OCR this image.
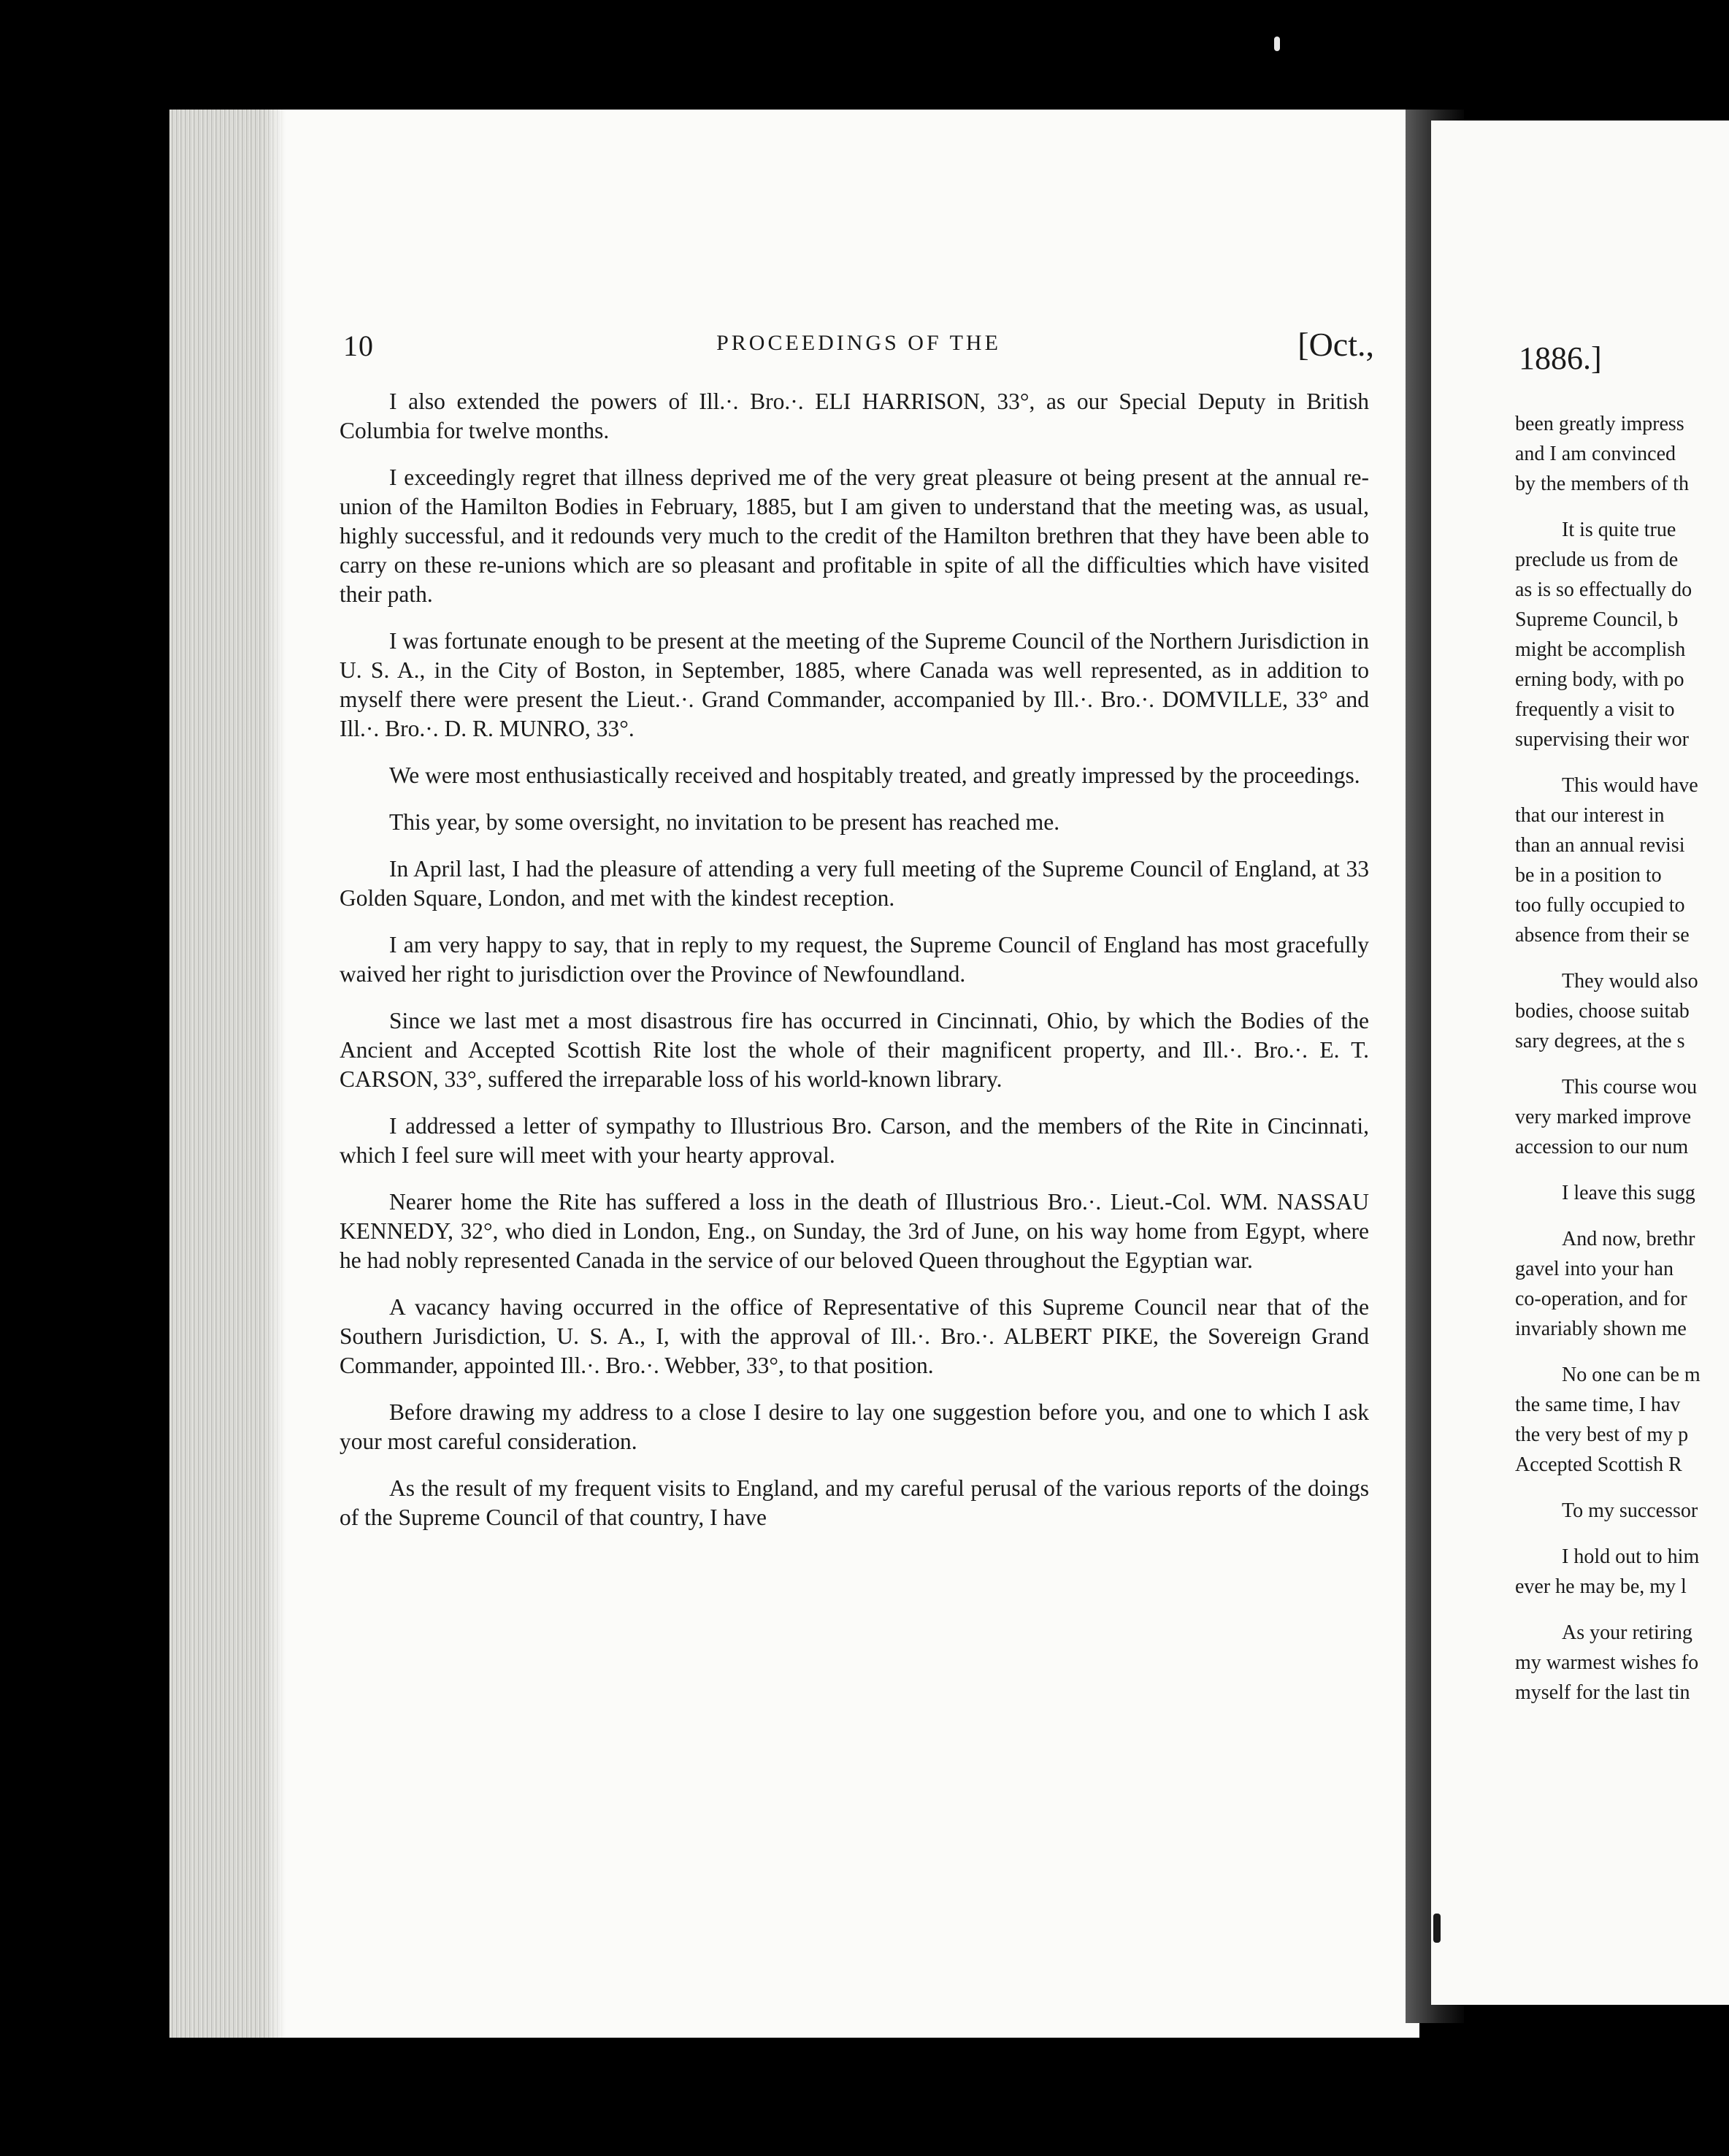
10	PROCEEDINGS OF THE	[Oct.,

I also extended the powers of Ill.·. Bro.·. ELI HARRISON, 33°, as our Special Deputy in British Columbia for twelve months.

I exceedingly regret that illness deprived me of the very great pleasure ot being present at the annual re-union of the Hamilton Bodies in February, 1885, but I am given to understand that the meeting was, as usual, highly successful, and it redounds very much to the credit of the Hamilton brethren that they have been able to carry on these re-unions which are so pleasant and profitable in spite of all the difficulties which have visited their path.

I was fortunate enough to be present at the meeting of the Supreme Council of the Northern Jurisdiction in U. S. A., in the City of Boston, in September, 1885, where Canada was well represented, as in addition to myself there were present the Lieut.·. Grand Commander, accompanied by Ill.·. Bro.·. DOMVILLE, 33° and Ill.·. Bro.·. D. R. MUNRO, 33°.

We were most enthusiastically received and hospitably treated, and greatly impressed by the proceedings.

This year, by some oversight, no invitation to be present has reached me.

In April last, I had the pleasure of attending a very full meeting of the Supreme Council of England, at 33 Golden Square, London, and met with the kindest reception.

I am very happy to say, that in reply to my request, the Supreme Council of England has most gracefully waived her right to jurisdiction over the Province of Newfoundland.

Since we last met a most disastrous fire has occurred in Cincinnati, Ohio, by which the Bodies of the Ancient and Accepted Scottish Rite lost the whole of their magnificent property, and Ill.·. Bro.·. E. T. CARSON, 33°, suffered the irreparable loss of his world-known library.

I addressed a letter of sympathy to Illustrious Bro. Carson, and the members of the Rite in Cincinnati, which I feel sure will meet with your hearty approval.

Nearer home the Rite has suffered a loss in the death of Illustrious Bro.·. Lieut.-Col. WM. NASSAU KENNEDY, 32°, who died in London, Eng., on Sunday, the 3rd of June, on his way home from Egypt, where he had nobly represented Canada in the service of our beloved Queen throughout the Egyptian war.

A vacancy having occurred in the office of Representative of this Supreme Council near that of the Southern Jurisdiction, U. S. A., I, with the approval of Ill.·. Bro.·. ALBERT PIKE, the Sovereign Grand Commander, appointed Ill.·. Bro.·. Webber, 33°, to that position.

Before drawing my address to a close I desire to lay one suggestion before you, and one to which I ask your most careful consideration.

As the result of my frequent visits to England, and my careful perusal of the various reports of the doings of the Supreme Council of that country, I have

1886.]
been greatly impress
and I am convinced
by the members of th
It is quite true
preclude us from de
as is so effectually do
Supreme Council, b
might be accomplish
erning body, with po
frequently a visit to
supervising their wor
This would have
that our interest in
than an annual revisi
be in a position to
too fully occupied to
absence from their se
They would also
bodies, choose suitab
sary degrees, at the s
This course wou
very marked improve
accession to our num
I leave this sugg
And now, brethr
gavel into your han
co-operation, and for
invariably shown me
No one can be m
the same time, I hav
the very best of my p
Accepted Scottish R
To my successor
I hold out to him
ever he may be, my l
As your retiring
my warmest wishes fo
myself for the last tin
